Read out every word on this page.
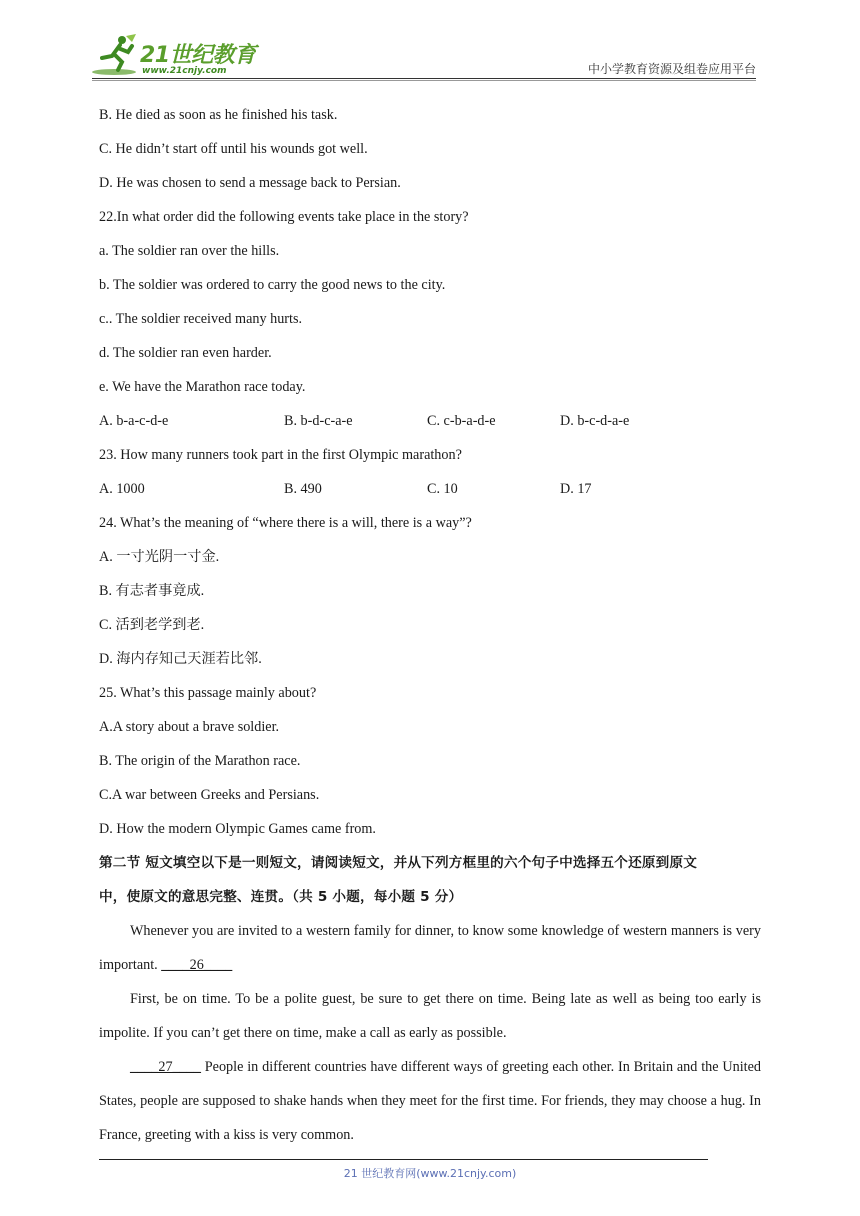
21世纪教育
www.21cnjy.com	中小学教育资源及组卷应用平台
B. He died as soon as he finished his task.
C. He didn’t start off until his wounds got well.
D. He was chosen to send a message back to Persian.
22.In what order did the following events take place in the story?
a. The soldier ran over the hills.
b. The soldier was ordered to carry the good news to the city.
c.. The soldier received many hurts.
d. The soldier ran even harder.
e. We have the Marathon race today.
A. b-a-c-d-e	B. b-d-c-a-e	C. c-b-a-d-e	D. b-c-d-a-e
23. How many runners took part in the first Olympic marathon?
A. 1000	B. 490	C. 10	D. 17
24. What’s the meaning of “where there is a will, there is a way”?
A. 一寸光阴一寸金.
B. 有志者事竟成.
C. 活到老学到老.
D. 海内存知己天涯若比邻.
25. What’s this passage mainly about?
A.A story about a brave soldier.
B. The origin of the Marathon race.
C.A war between Greeks and Persians.
D. How the modern Olympic Games came from.
第二节 短文填空以下是一则短文，请阅读短文，并从下列方框里的六个句子中选择五个还原到原文
中，使原文的意思完整、连贯。（共 5 小题，每小题 5 分）
Whenever you are invited to a western family for dinner, to know some knowledge of western manners is very important. ____26____
First, be on time. To be a polite guest, be sure to get there on time. Being late as well as being too early is impolite. If you can’t get there on time, make a call as early as possible.
____27____ People in different countries have different ways of greeting each other. In Britain and the United States, people are supposed to shake hands when they meet for the first time. For friends, they may choose a hug. In France, greeting with a kiss is very common.
21 世纪教育网(www.21cnjy.com)
